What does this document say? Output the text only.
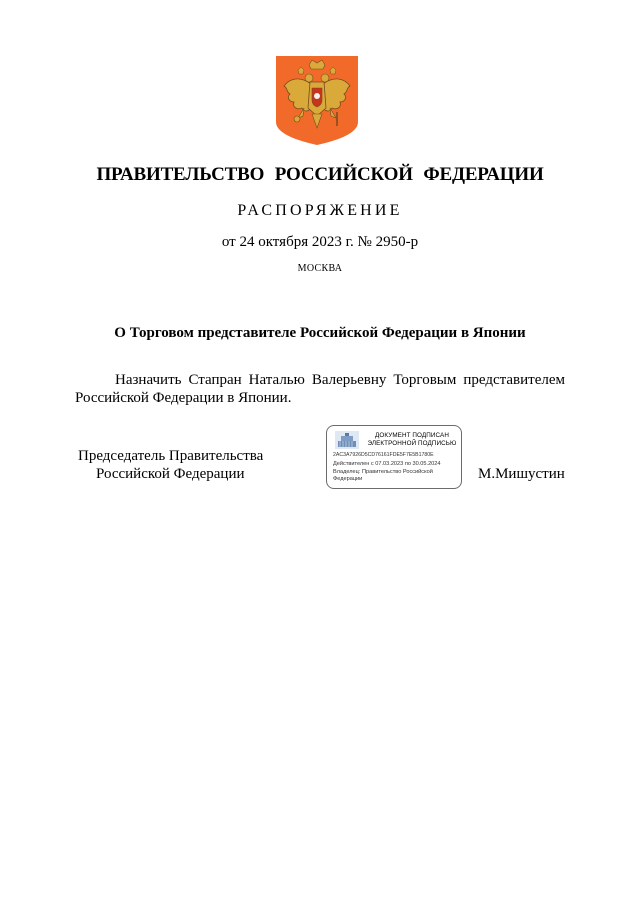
ПРАВИТЕЛЬСТВО РОССИЙСКОЙ ФЕДЕРАЦИИ
РАСПОРЯЖЕНИЕ
от 24 октября 2023 г. № 2950-р
МОСКВА
О Торговом представителе Российской Федерации в Японии
Назначить Стапран Наталью Валерьевну Торговым представителем
Российской Федерации в Японии.
Председатель Правительства
Российской Федерации
ДОКУМЕНТ ПОДПИСАН
ЭЛЕКТРОННОЙ ПОДПИСЬЮ
2AC3A7926D5CD76161FDE5F7E5B1780E
Действителен с 07.03.2023 по 30.05.2024
Владелец: Правительство Российской
Федерации	М.Мишустин
